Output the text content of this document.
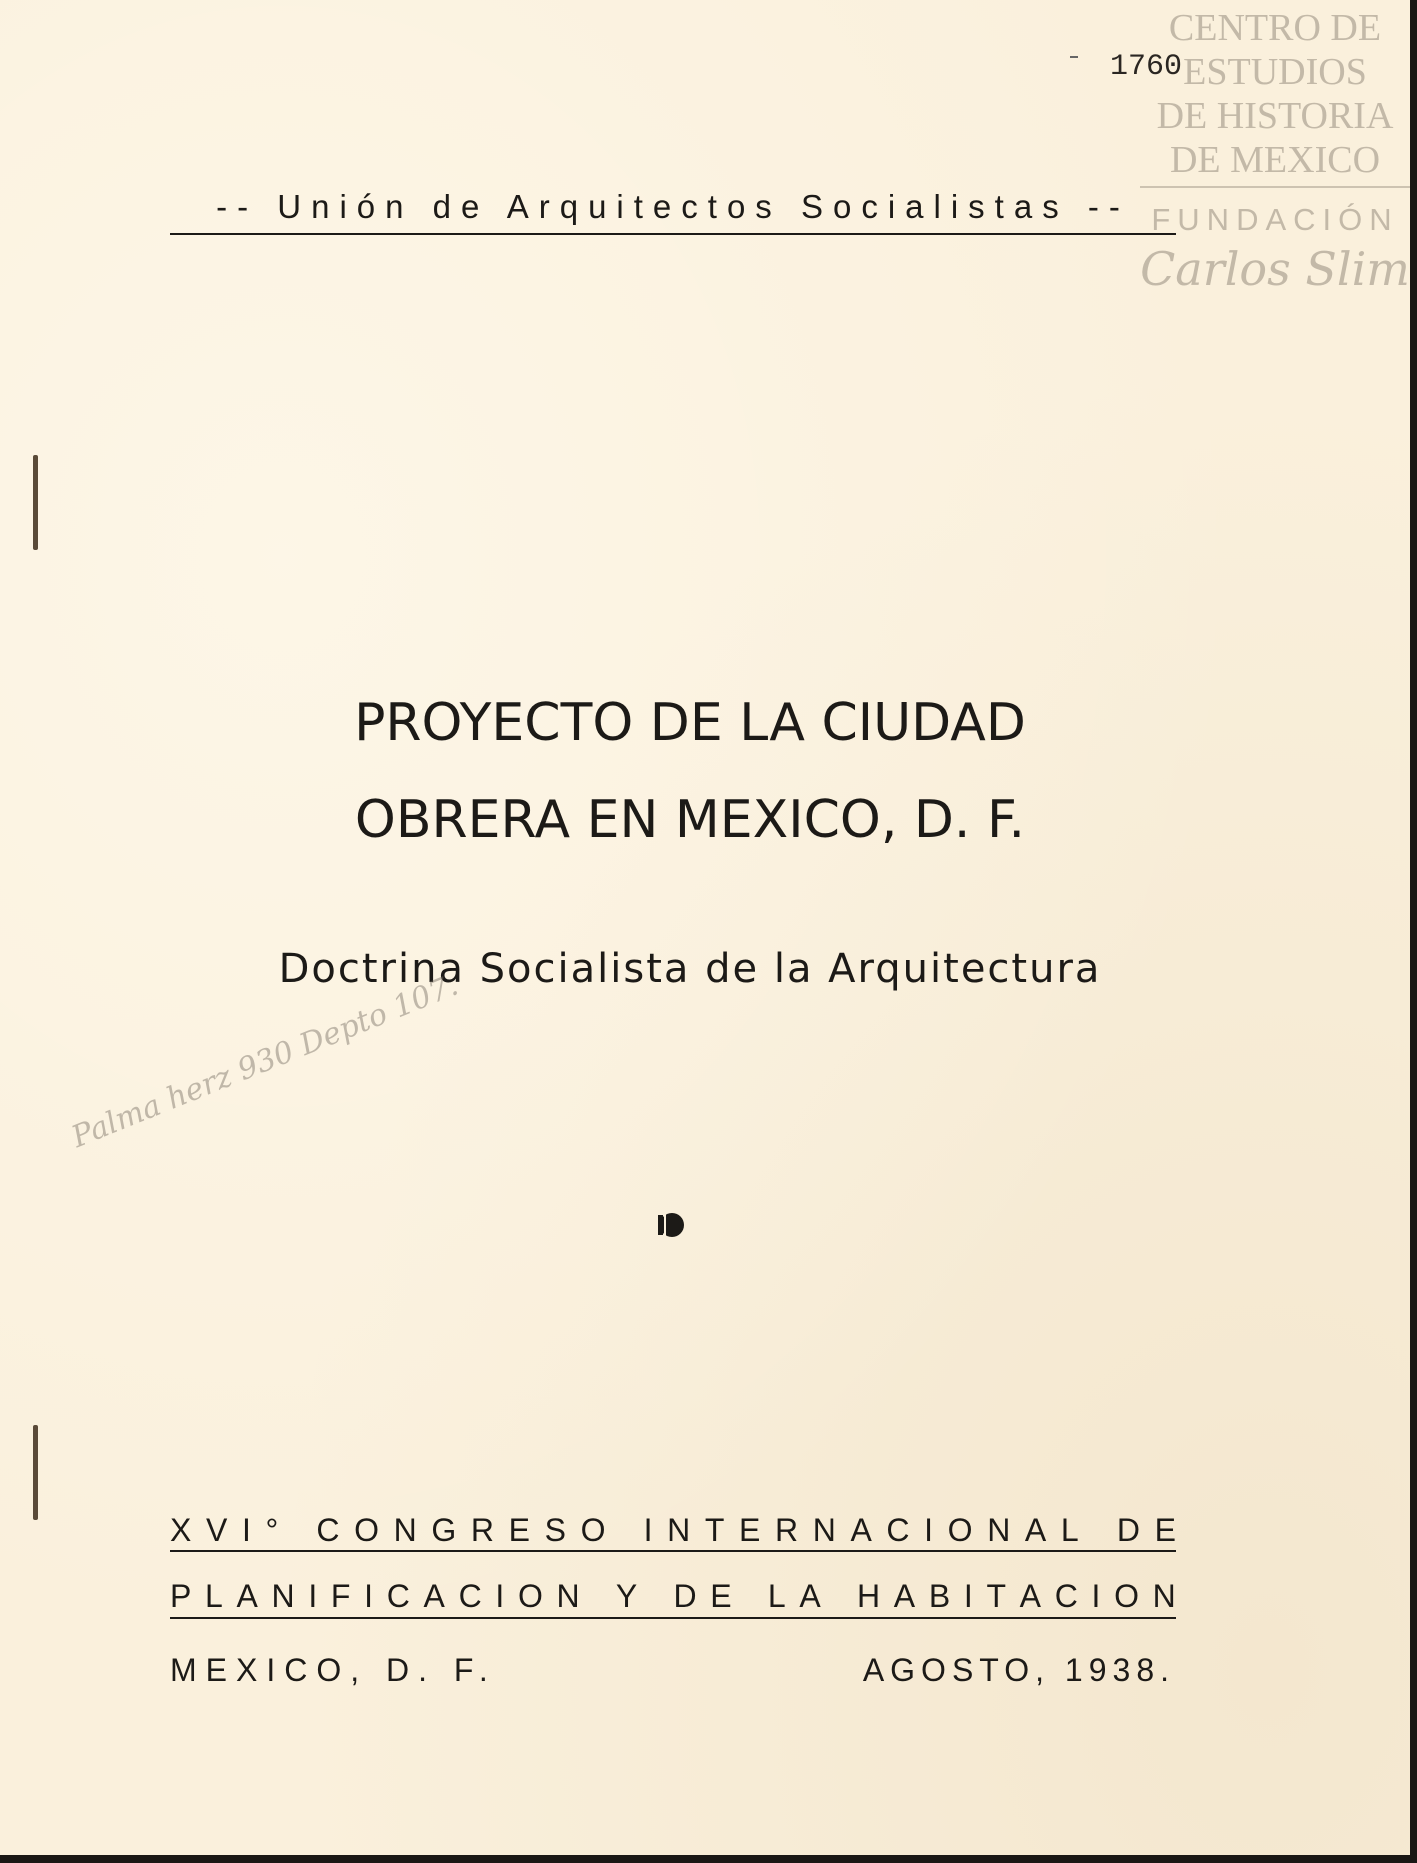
CENTRO DE
ESTUDIOS
DE HISTORIA
DE MEXICO
FUNDACIÓN
Carlos Slim
1760
-- Unión de Arquitectos Socialistas --
PROYECTO DE LA CIUDAD
OBRERA EN MEXICO, D. F.
Doctrina Socialista de la Arquitectura
Palma herz 930 Depto 107.
X V I °
C O N G R E S O
I N T E R N A C I O N A L
D E
P L A N I F I C A C I O N
Y
D E
L A
H A B I T A C I O N
MEXICO, D. F.	AGOSTO, 1938.
